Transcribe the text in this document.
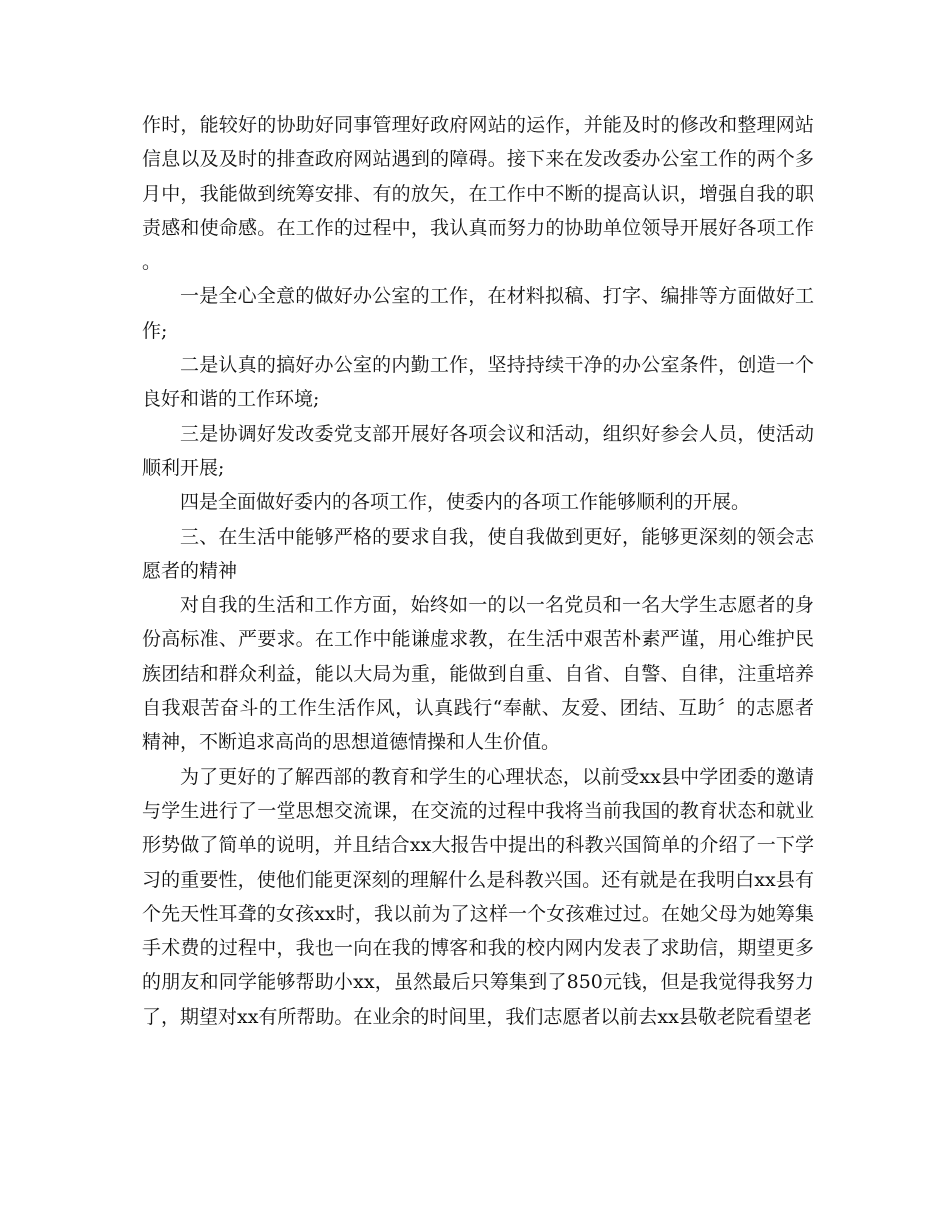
作时，能较好的协助好同事管理好政府网站的运作，并能及时的修改和整理网站信息以及及时的排查政府网站遇到的障碍。接下来在发改委办公室工作的两个多月中，我能做到统筹安排、有的放矢，在工作中不断的提高认识，增强自我的职责感和使命感。在工作的过程中，我认真而努力的协助单位领导开展好各项工作。

一是全心全意的做好办公室的工作，在材料拟稿、打字、编排等方面做好工作;

二是认真的搞好办公室的内勤工作，坚持持续干净的办公室条件，创造一个良好和谐的工作环境;

三是协调好发改委党支部开展好各项会议和活动，组织好参会人员，使活动顺利开展;

四是全面做好委内的各项工作，使委内的各项工作能够顺利的开展。

三、在生活中能够严格的要求自我，使自我做到更好，能够更深刻的领会志愿者的精神

对自我的生活和工作方面，始终如一的以一名党员和一名大学生志愿者的身份高标准、严要求。在工作中能谦虚求教，在生活中艰苦朴素严谨，用心维护民族团结和群众利益，能以大局为重，能做到自重、自省、自警、自律，注重培养自我艰苦奋斗的工作生活作风，认真践行“奉献、友爱、团结、互助〞的志愿者精神，不断追求高尚的思想道德情操和人生价值。

为了更好的了解西部的教育和学生的心理状态，以前受xx县中学团委的邀请与学生进行了一堂思想交流课，在交流的过程中我将当前我国的教育状态和就业形势做了简单的说明，并且结合xx大报告中提出的科教兴国简单的介绍了一下学习的重要性，使他们能更深刻的理解什么是科教兴国。还有就是在我明白xx县有个先天性耳聋的女孩xx时，我以前为了这样一个女孩难过过。在她父母为她筹集手术费的过程中，我也一向在我的博客和我的校内网内发表了求助信，期望更多的朋友和同学能够帮助小xx，虽然最后只筹集到了850元钱，但是我觉得我努力了，期望对xx有所帮助。在业余的时间里，我们志愿者以前去xx县敬老院看望老
